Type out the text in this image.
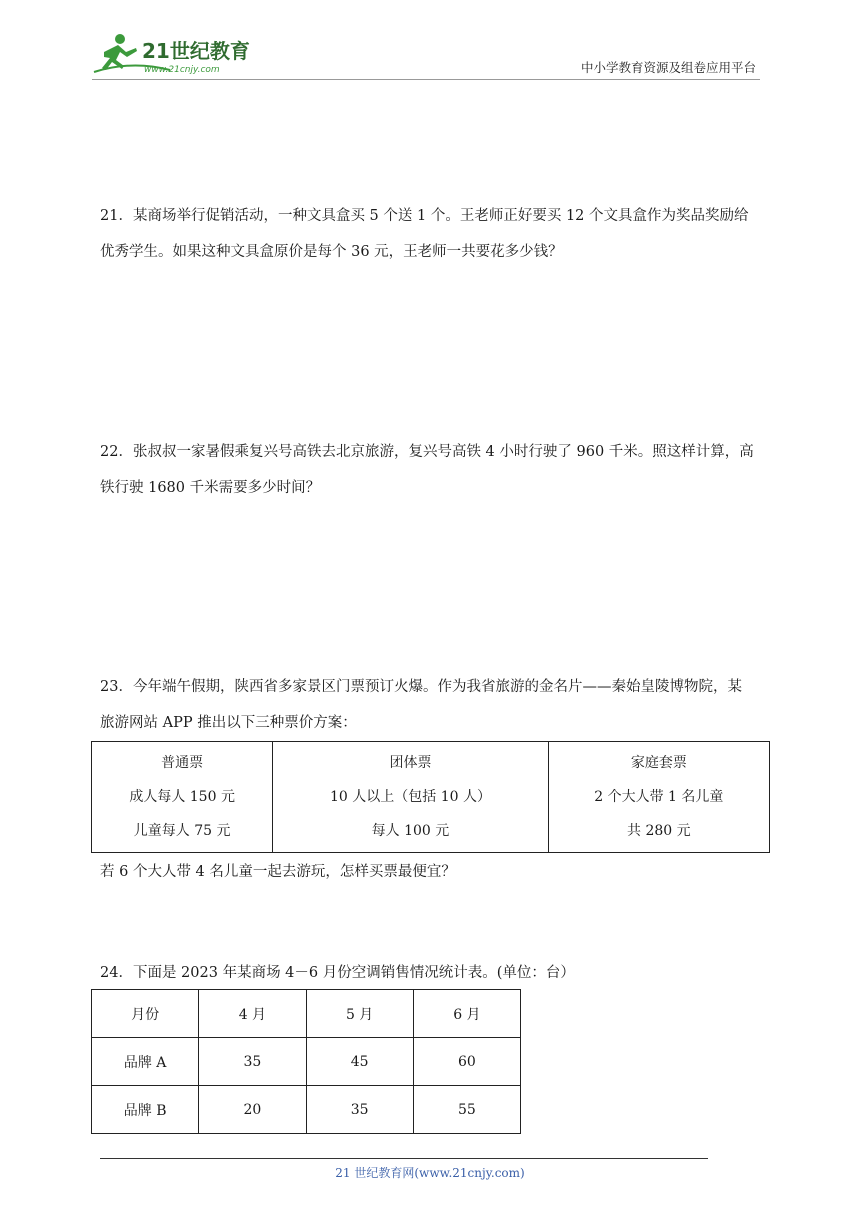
21世纪教育
www.21cnjy.com	中小学教育资源及组卷应用平台

21．某商场举行促销活动，一种文具盒买 5 个送 1 个。王老师正好要买 12 个文具盒作为奖品奖励给

优秀学生。如果这种文具盒原价是每个 36 元，王老师一共要花多少钱？

22．张叔叔一家暑假乘复兴号高铁去北京旅游，复兴号高铁 4 小时行驶了 960 千米。照这样计算，高

铁行驶 1680 千米需要多少时间？

23．今年端午假期，陕西省多家景区门票预订火爆。作为我省旅游的金名片——秦始皇陵博物院，某

旅游网站 APP 推出以下三种票价方案：

普通票
成人每人 150 元
儿童每人 75 元

团体票
10 人以上（包括 10 人）
每人 100 元

家庭套票
2 个大人带 1 名儿童
共 280 元
若 6 个大人带 4 名儿童一起去游玩，怎样买票最便宜？

24．下面是 2023 年某商场 4－6 月份空调销售情况统计表。(单位：台）

月份	4 月	5 月	6 月
品牌 A	35	45	60
品牌 B	20	35	55
21 世纪教育网(www.21cnjy.com)
